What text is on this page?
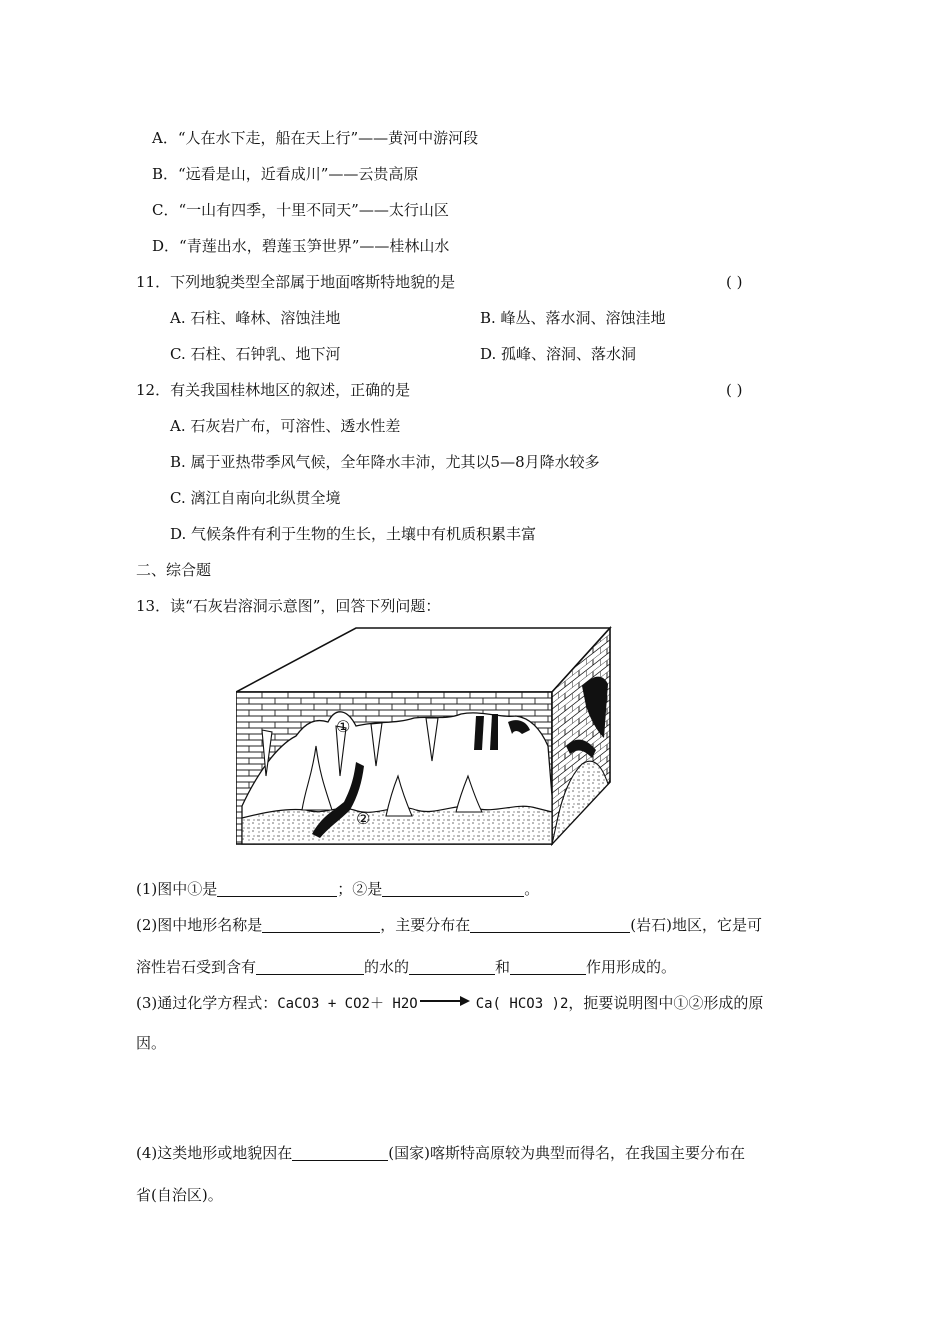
A．“人在水下走，船在天上行”——黄河中游河段
B．“远看是山，近看成川”——云贵高原
C．“一山有四季，十里不同天”——太行山区
D．“青莲出水，碧莲玉笋世界”——桂林山水
11．下列地貌类型全部属于地面喀斯特地貌的是	( )
A. 石柱、峰林、溶蚀洼地	B. 峰丛、落水洞、溶蚀洼地
C. 石柱、石钟乳、地下河	D. 孤峰、溶洞、落水洞
12．有关我国桂林地区的叙述，正确的是	( )
A. 石灰岩广布，可溶性、透水性差
B. 属于亚热带季风气候，全年降水丰沛，尤其以5—8月降水较多
C. 漓江自南向北纵贯全境
D. 气候条件有利于生物的生长，土壤中有机质积累丰富
二、综合题
13．读“石灰岩溶洞示意图”，回答下列问题：
①
②
(1)图中①是	；②是	。
(2)图中地形名称是	，主要分布在	(岩石)地区，它是可
溶性岩石受到含有	的水的	和	作用形成的。
(3)通过化学方程式：CaCO3 + CO2＋ H2O	Ca( HCO3 )2，扼要说明图中①②形成的原
因。
(4)这类地形或地貌因在	(国家)喀斯特高原较为典型而得名，在我国主要分布在
省(自治区)。
